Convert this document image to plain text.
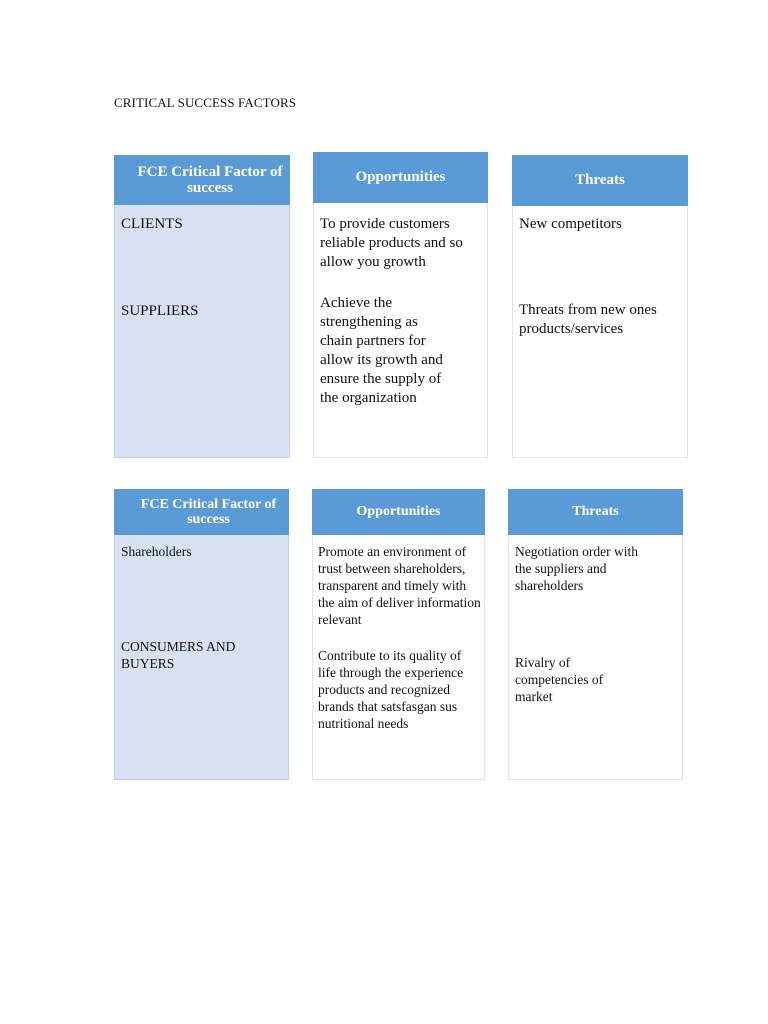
CRITICAL SUCCESS FACTORS
FCE Critical Factor of success
CLIENTS
SUPPLIERS
Opportunities
To provide customers reliable products and so allow you growth
Achieve the strengthening as chain partners for allow its growth and ensure the supply of the organization
Threats
New competitors
Threats from new ones products/services
FCE Critical Factor of success
Shareholders
CONSUMERS AND BUYERS
Opportunities
Promote an environment of trust between shareholders, transparent and timely with the aim of deliver information relevant
Contribute to its quality of life through the experience products and recognized brands that satsfasgan sus nutritional needs
Threats
Negotiation order with the suppliers and shareholders
Rivalry of competencies of market
